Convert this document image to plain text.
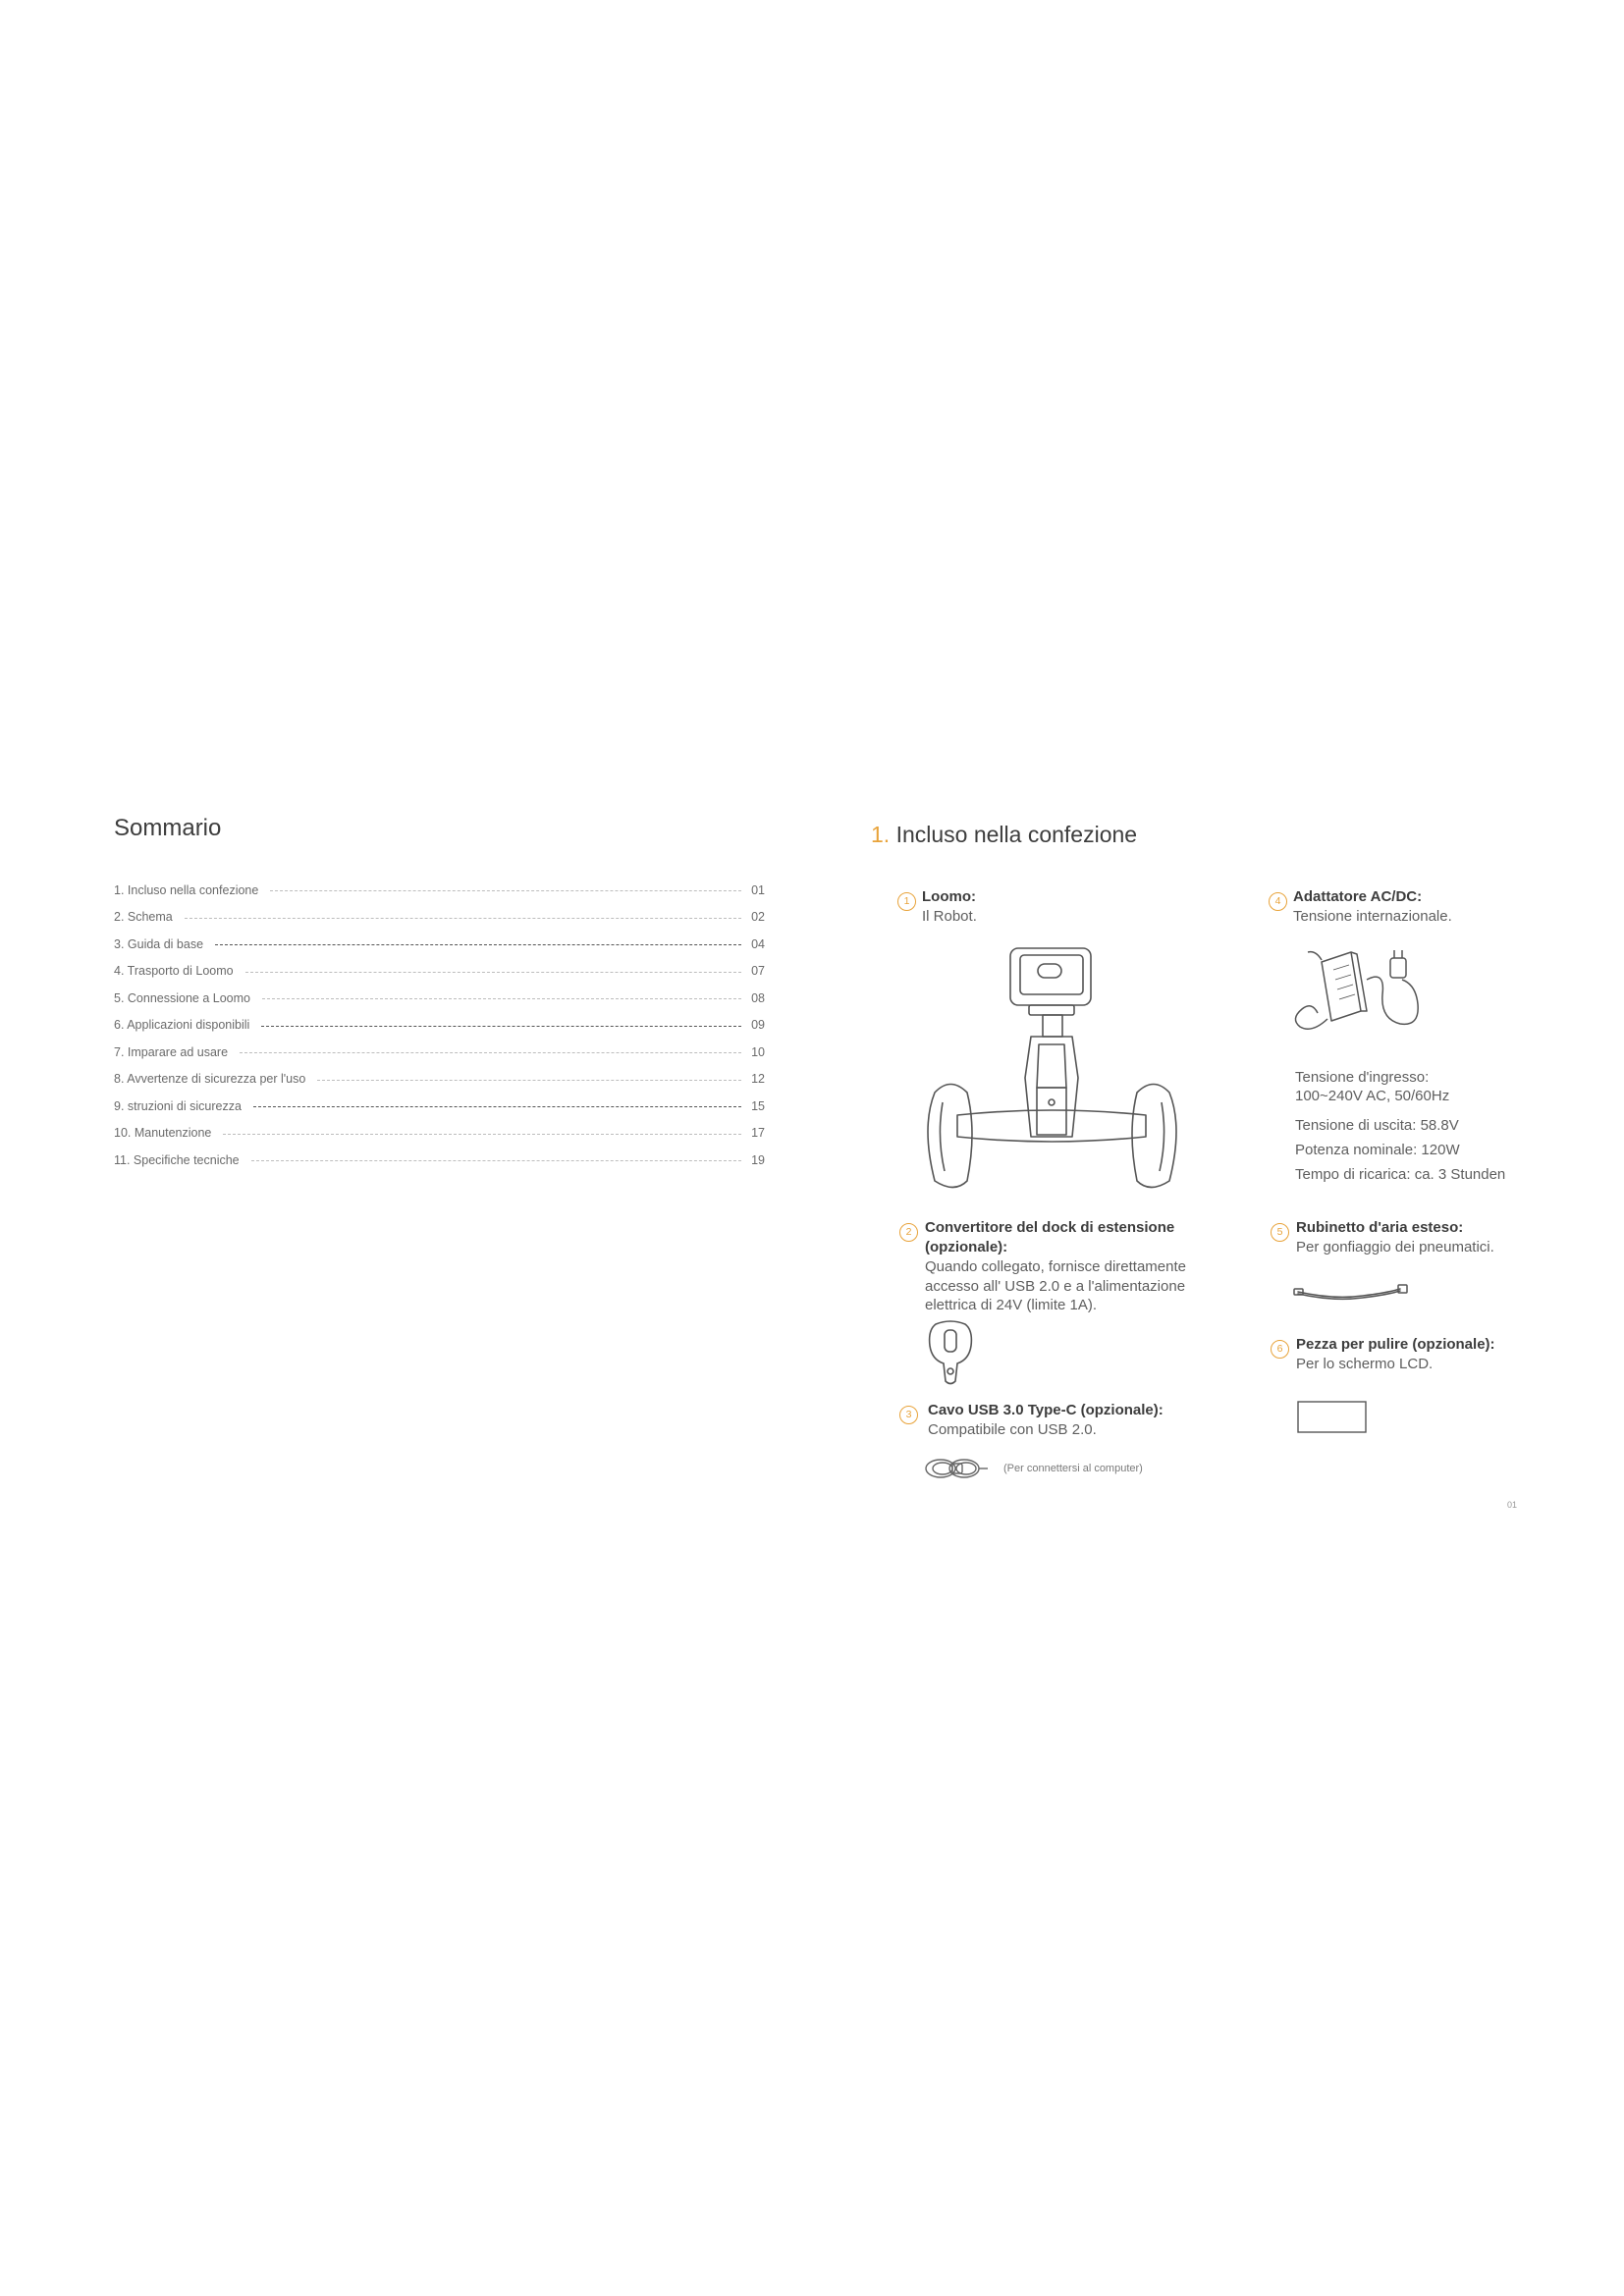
Sommario
1. Incluso nella confezione	01
2. Schema	02
3. Guida di base	04
4. Trasporto di Loomo	07
5. Connessione a Loomo	08
6. Applicazioni disponibili	09
7. Imparare ad usare	10
8. Avvertenze di sicurezza per l'uso	12
9. struzioni di sicurezza	15
10. Manutenzione	17
11. Specifiche tecniche	19
1. Incluso nella confezione
1 Loomo:
Il Robot.
2 Convertitore del dock di estensione
(opzionale):
Quando collegato, fornisce direttamente accesso all' USB 2.0 e a l'alimentazione elettrica di 24V (limite 1A).
3	Cavo USB 3.0 Type-C (opzionale):
Compatibile con USB 2.0.
(Per connettersi al computer)
4 Adattatore AC/DC:
Tensione internazionale.
Tensione d'ingresso:
100~240V AC, 50/60Hz
Tensione di uscita: 58.8V
Potenza nominale: 120W
Tempo di ricarica: ca. 3 Stunden
5 Rubinetto d'aria esteso:
Per gonfiaggio dei pneumatici.
6 Pezza per pulire (opzionale):
Per lo schermo LCD.
01
